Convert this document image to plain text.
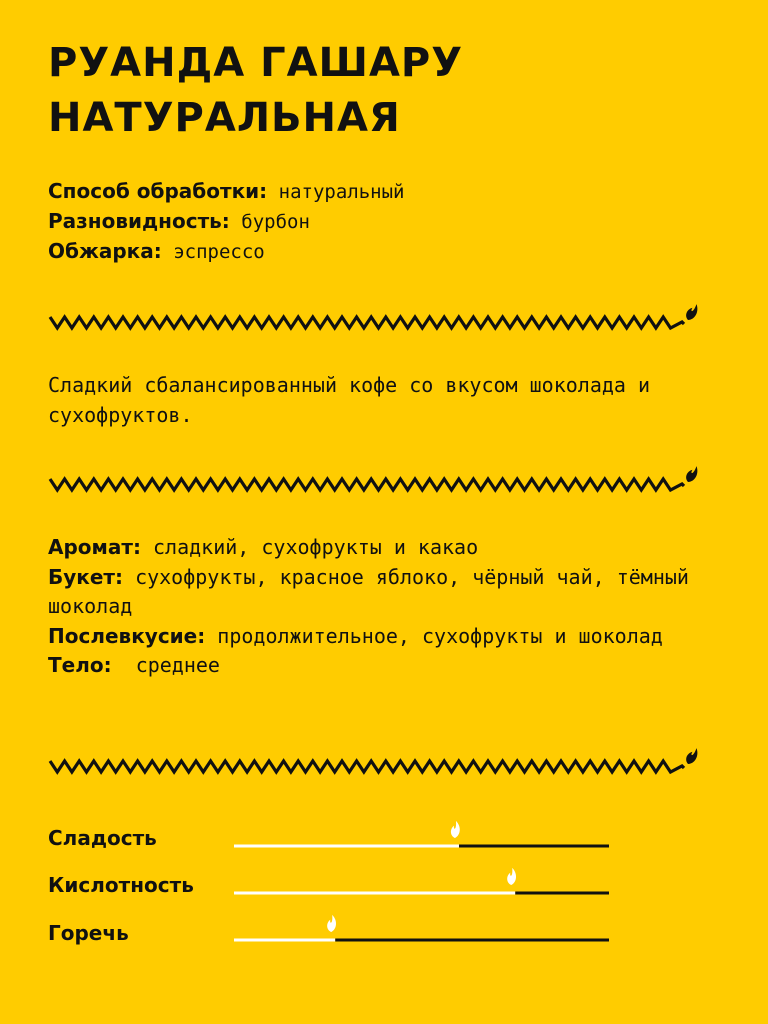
РУАНДА ГАШАРУ
НАТУРАЛЬНАЯ
Способ обработки: натуральный
Разновидность: бурбон
Обжарка: эспрессо

Сладкий сбалансированный кофе со вкусом шоколада и сухофруктов.

Аромат: сладкий, сухофрукты и какао
Букет: сухофрукты, красное яблоко, чёрный чай, тёмный шоколад
Послевкусие: продолжительное, сухофрукты и шоколад
Тело: среднее
Сладость
Кислотность
Горечь
